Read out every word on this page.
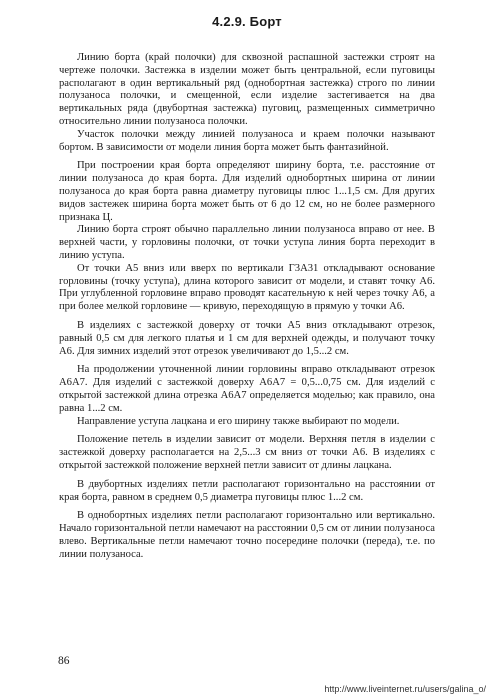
4.2.9. Борт

Линию борта (край полочки) для сквозной распашной застежки строят на чертеже полочки. Застежка в изделии может быть центральной, если пуговицы располагают в один вертикальный ряд (однобортная застежка) строго по линии полузаноса полочки, и смещенной, если изделие застегивается на два вертикальных ряда (двубортная застежка) пуговиц, размещенных симметрично относительно линии полузаноса полочки.

Участок полочки между линией полузаноса и краем полочки называют бортом. В зависимости от модели линия борта может быть фантазийной.

При построении края борта определяют ширину борта, т.е. расстояние от линии полузаноса до края борта. Для изделий однобортных ширина от линии полузаноса до края борта равна диаметру пуговицы плюс 1...1,5 см. Для других видов застежек ширина борта может быть от 6 до 12 см, но не более размерного признака Ц.

Линию борта строят обычно параллельно линии полузаноса вправо от нее. В верхней части, у горловины полочки, от точки уступа линия борта переходит в линию уступа.

От точки А5 вниз или вверх по вертикали Г3А31 откладывают основание горловины (точку уступа), длина которого зависит от модели, и ставят точку А6. При углубленной горловине вправо проводят касательную к ней через точку А6, а при более мелкой горловине — кривую, переходящую в прямую у точки А6.

В изделиях с застежкой доверху от точки А5 вниз откладывают отрезок, равный 0,5 см для легкого платья и 1 см для верхней одежды, и получают точку А6. Для зимних изделий этот отрезок увеличивают до 1,5...2 см.

На продолжении уточненной линии горловины вправо откладывают отрезок А6А7. Для изделий с застежкой доверху А6А7 = 0,5...0,75 см. Для изделий с открытой застежкой длина отрезка А6А7 определяется моделью; как правило, она равна 1...2 см.

Направление уступа лацкана и его ширину также выбирают по модели.

Положение петель в изделии зависит от модели. Верхняя петля в изделии с застежкой доверху располагается на 2,5...3 см вниз от точки А6. В изделиях с открытой застежкой положение верхней петли зависит от длины лацкана.

В двубортных изделиях петли располагают горизонтально на расстоянии от края борта, равном в среднем 0,5 диаметра пуговицы плюс 1...2 см.

В однобортных изделиях петли располагают горизонтально или вертикально. Начало горизонтальной петли намечают на расстоянии 0,5 см от линии полузаноса влево. Вертикальные петли намечают точно посередине полочки (переда), т.е. по линии полузаноса.

86
http://www.liveinternet.ru/users/galina_o/
